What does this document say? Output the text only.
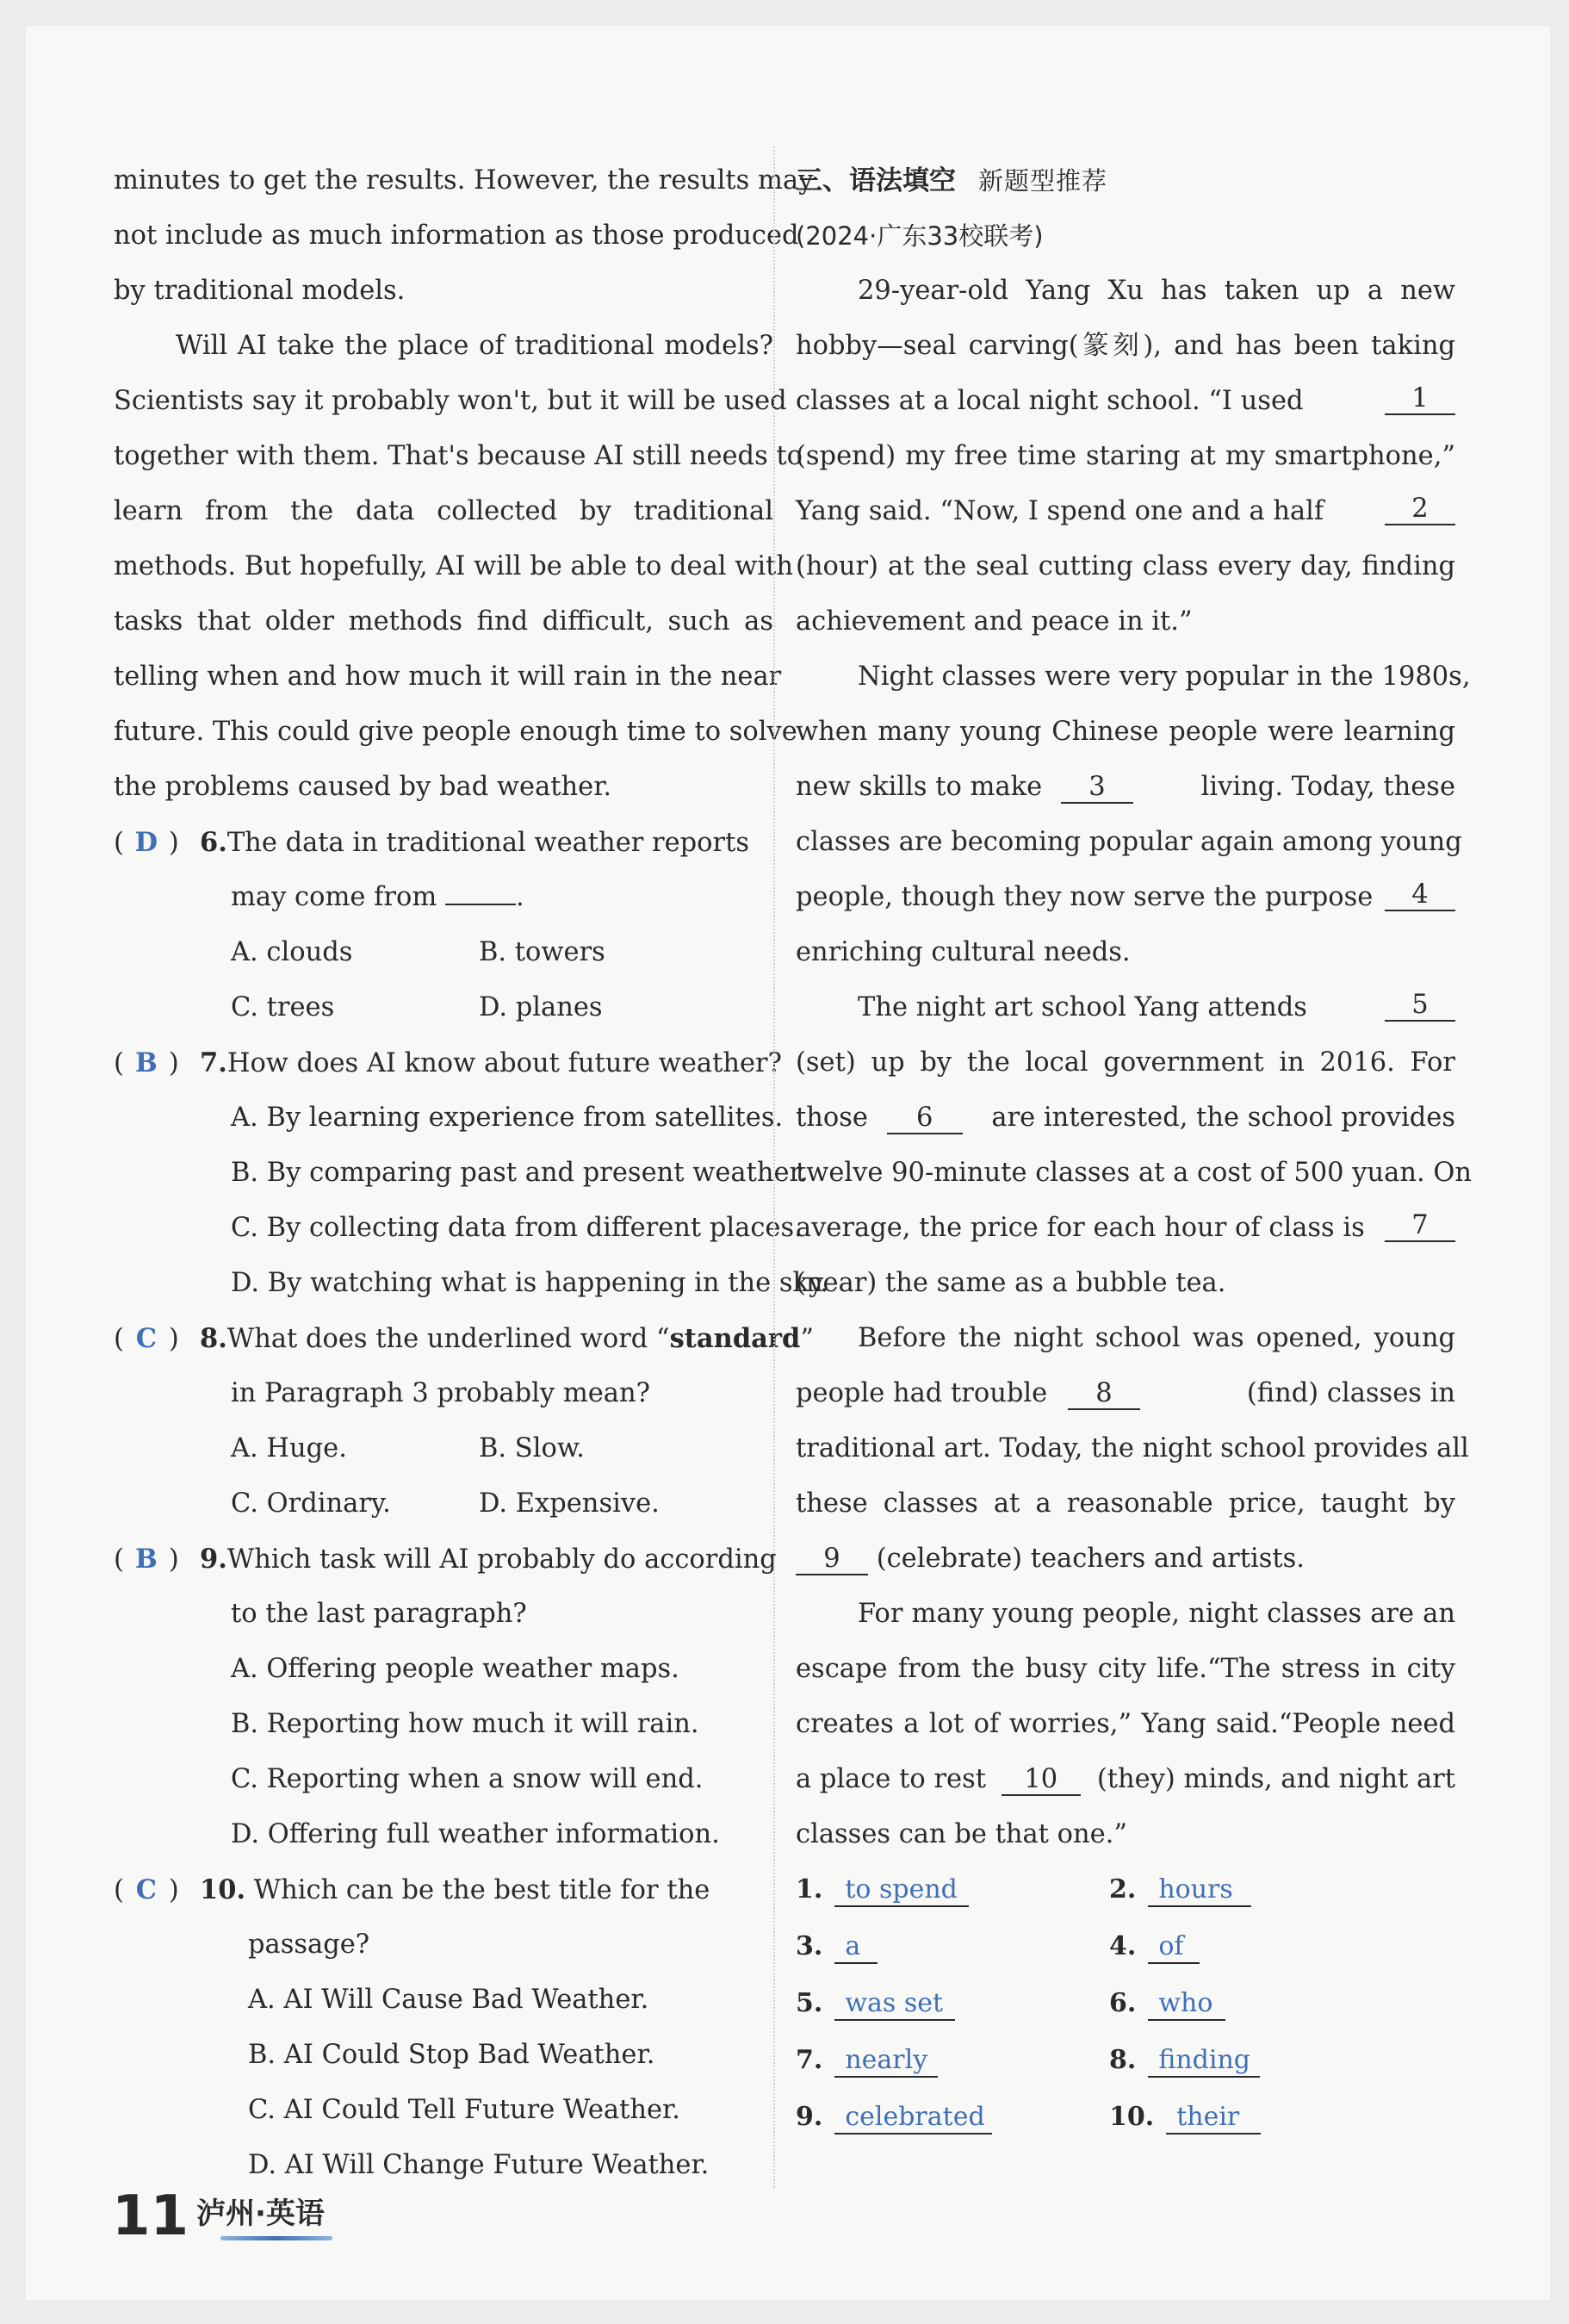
minutes to get the results. However, the results may
not include as much information as those produced
by traditional models.
Will AI take the place of traditional models?
Scientists say it probably won't, but it will be used
together with them. That's because AI still needs to
learn from the data collected by traditional
methods. But hopefully, AI will be able to deal with
tasks that older methods find difficult, such as
telling when and how much it will rain in the near
future. This could give people enough time to solve
the problems caused by bad weather.
( D ) 6.The data in traditional weather reports
may come from	.
A. clouds	B. towers
C. trees	D. planes
( B ) 7.How does AI know about future weather?
A. By learning experience from satellites.
B. By comparing past and present weather.
C. By collecting data from different places.
D. By watching what is happening in the sky.
( C ) 8.What does the underlined word “standard”
in Paragraph 3 probably mean?
A. Huge.	B. Slow.
C. Ordinary.	D. Expensive.
( B ) 9.Which task will AI probably do according
to the last paragraph?
A. Offering people weather maps.
B. Reporting how much it will rain.
C. Reporting when a snow will end.
D. Offering full weather information.
( C ) 10. Which can be the best title for the
passage?
A. AI Will Cause Bad Weather.
B. AI Could Stop Bad Weather.
C. AI Could Tell Future Weather.
D. AI Will Change Future Weather.
三、语法填空 新题型推荐
(2024·广东33校联考)
29-year-old Yang Xu has taken up a new
hobby—seal carving(篆刻), and has been taking
classes at a local night school. “I used	1
(spend) my free time staring at my smartphone,”
Yang said. “Now, I spend one and a half	2
(hour) at the seal cutting class every day, finding
achievement and peace in it.”
Night classes were very popular in the 1980s,
when many young Chinese people were learning
new skills to make 3	living. Today, these
classes are becoming popular again among young
people, though they now serve the purpose	4
enriching cultural needs.
The night art school Yang attends	5
(set) up by the local government in 2016. For
those 6 are interested, the school provides
twelve 90-minute classes at a cost of 500 yuan. On
average, the price for each hour of class is	7
(near) the same as a bubble tea.
Before the night school was opened, young
people had trouble 8	(find) classes in
traditional art. Today, the night school provides all
these classes at a reasonable price, taught by
9 (celebrate) teachers and artists.
For many young people, night classes are an
escape from the busy city life.“The stress in city
creates a lot of worries,” Yang said.“People need
a place to rest 10 (they) minds, and night art
classes can be that one.”
1. to spend	2. hours
3. a	4. of
5. was set	6. who
7. nearly	8. finding
9. celebrated	10. their
11 泸州·英语
